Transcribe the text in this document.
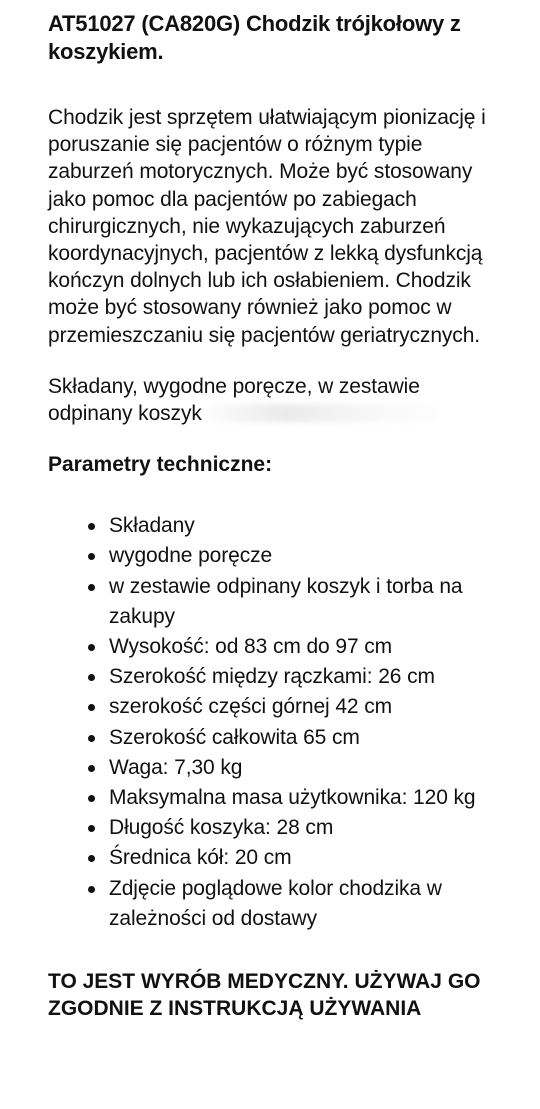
AT51027 (CA820G) Chodzik trójkołowy z koszykiem.

Chodzik jest sprzętem ułatwiającym pionizację i poruszanie się pacjentów o różnym typie zaburzeń motorycznych. Może być stosowany jako pomoc dla pacjentów po zabiegach chirurgicznych, nie wykazujących zaburzeń koordynacyjnych, pacjentów z lekką dysfunkcją kończyn dolnych lub ich osłabieniem. Chodzik może być stosowany również jako pomoc w przemieszczaniu się pacjentów geriatrycznych.

Składany, wygodne poręcze, w zestawie odpinany koszyk

Parametry techniczne:
Składany
wygodne poręcze
w zestawie odpinany koszyk i torba na zakupy
Wysokość: od 83 cm do 97 cm
Szerokość między rączkami: 26 cm
szerokość części górnej 42 cm
Szerokość całkowita 65 cm
Waga: 7,30 kg
Maksymalna masa użytkownika: 120 kg
Długość koszyka: 28 cm
Średnica kół: 20 cm
Zdjęcie poglądowe kolor chodzika w zależności od dostawy

TO JEST WYRÓB MEDYCZNY. UŻYWAJ GO ZGODNIE Z INSTRUKCJĄ UŻYWANIA
